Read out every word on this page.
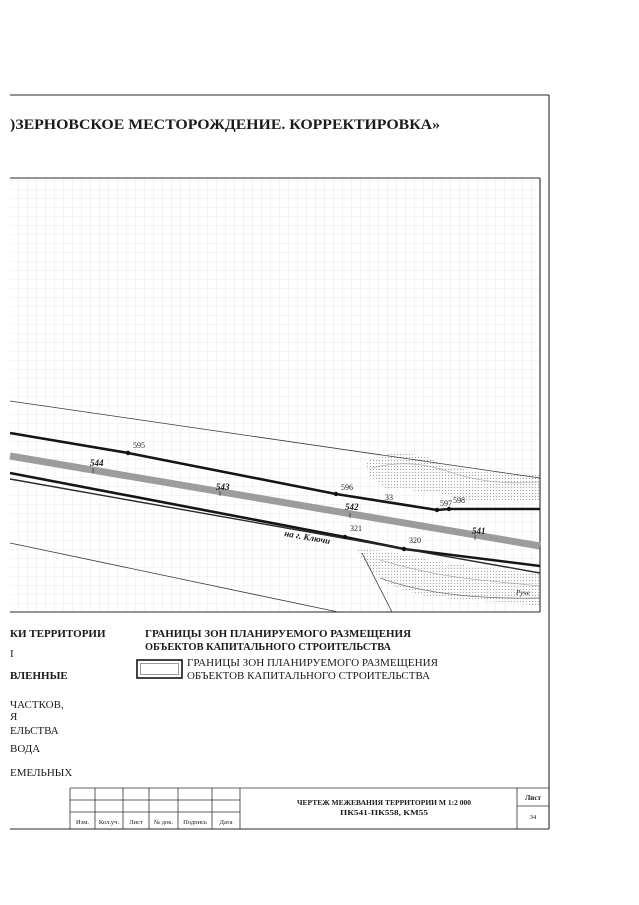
)ЗЕРНОВСКОЕ МЕСТОРОЖДЕНИЕ. КОРРЕКТИРОВКА»
595
596
597 598
321
320
33
544
543
542
541
на г. Ключи
Руче
КИ ТЕРРИТОРИИ
I
ВЛЕННЫЕ
ЧАСТКОВ,
Я
ЕЛЬСТВА
ВОДА
ЕМЕЛЬНЫХ
ГРАНИЦЫ ЗОН ПЛАНИРУЕМОГО РАЗМЕЩЕНИЯ
ОБЪЕКТОВ КАПИТАЛЬНОГО СТРОИТЕЛЬСТВА
ГРАНИЦЫ ЗОН ПЛАНИРУЕМОГО РАЗМЕЩЕНИЯ
ОБЪЕКТОВ КАПИТАЛЬНОГО СТРОИТЕЛЬСТВА
Изм. Кол.уч. Лист № док. Подпись Дата
ЧЕРТЕЖ МЕЖЕВАНИЯ ТЕРРИТОРИИ М 1:2 000
ПК541-ПК558, КМ55
Лист
34
